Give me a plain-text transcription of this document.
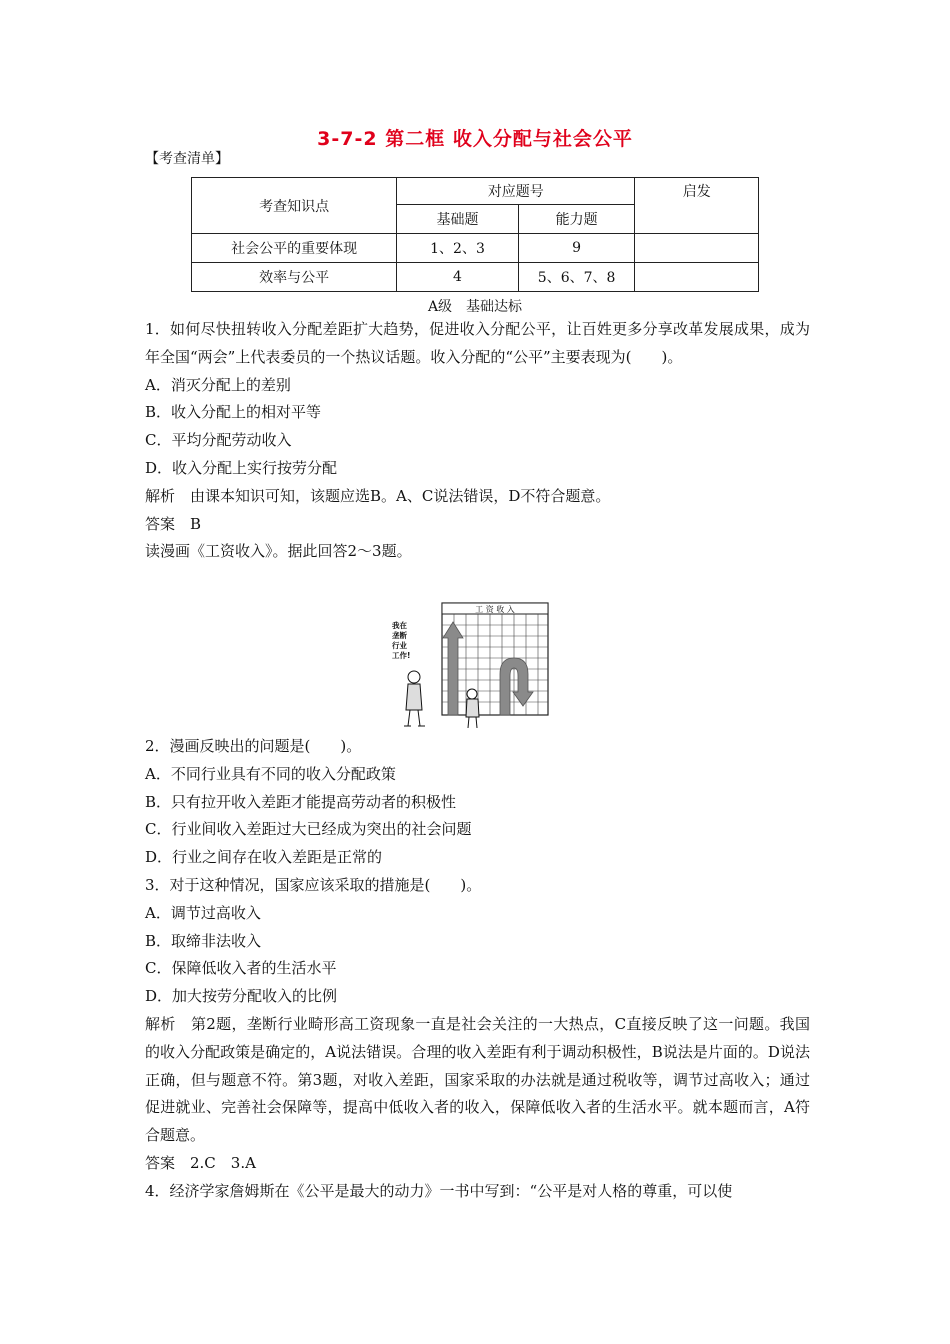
3-7-2 第二框 收入分配与社会公平
【考查清单】
考查知识点	对应题号		启发
	基础题	能力题	
社会公平的重要体现	1、2、3	9	
效率与公平	4	5、6、7、8	
A级　基础达标

1．如何尽快扭转收入分配差距扩大趋势，促进收入分配公平，让百姓更多分享改革发展成果，成为年全国“两会”上代表委员的一个热议话题。收入分配的“公平”主要表现为(　　)。

A．消灭分配上的差别

B．收入分配上的相对平等

C．平均分配劳动收入

D．收入分配上实行按劳分配

解析　由课本知识可知，该题应选B。A、C说法错误，D不符合题意。

答案　B

读漫画《工资收入》。据此回答2～3题。

工 资 收 入
我在
垄断
行业
工作!

2．漫画反映出的问题是(　　)。

A．不同行业具有不同的收入分配政策

B．只有拉开收入差距才能提高劳动者的积极性

C．行业间收入差距过大已经成为突出的社会问题

D．行业之间存在收入差距是正常的

3．对于这种情况，国家应该采取的措施是(　　)。

A．调节过高收入

B．取缔非法收入

C．保障低收入者的生活水平

D．加大按劳分配收入的比例

解析　第2题，垄断行业畸形高工资现象一直是社会关注的一大热点，C直接反映了这一问题。我国的收入分配政策是确定的，A说法错误。合理的收入差距有利于调动积极性，B说法是片面的。D说法正确，但与题意不符。第3题，对收入差距，国家采取的办法就是通过税收等，调节过高收入；通过促进就业、完善社会保障等，提高中低收入者的收入，保障低收入者的生活水平。就本题而言，A符合题意。

答案　2.C　3.A

4．经济学家詹姆斯在《公平是最大的动力》一书中写到：“公平是对人格的尊重，可以使
